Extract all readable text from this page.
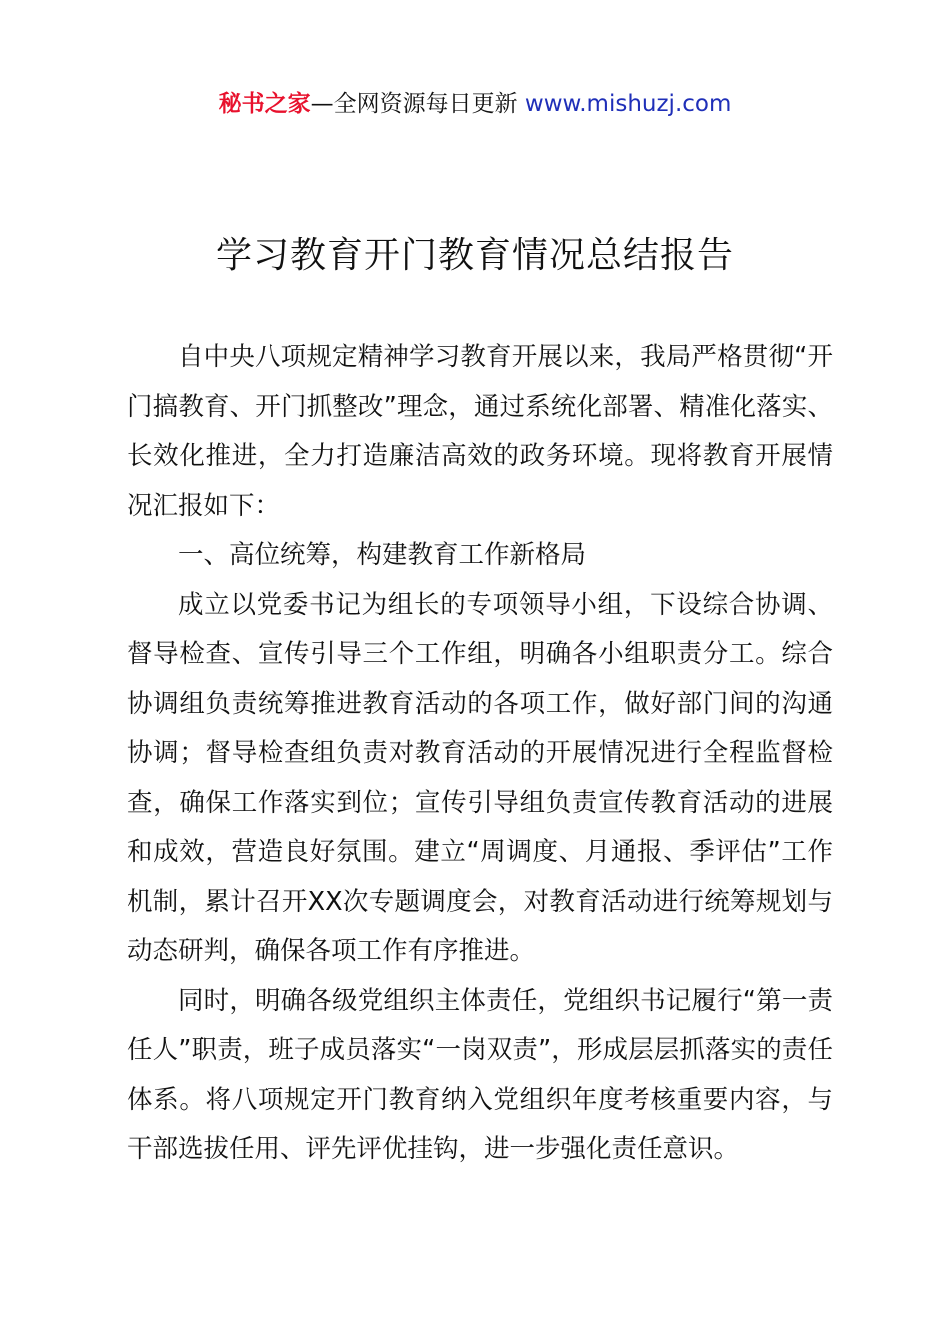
秘书之家—全网资源每日更新 www.mishuzj.com
学习教育开门教育情况总结报告

自中央八项规定精神学习教育开展以来，我局严格贯彻“开门搞教育、开门抓整改”理念，通过系统化部署、精准化落实、长效化推进，全力打造廉洁高效的政务环境。现将教育开展情况汇报如下：

一、高位统筹，构建教育工作新格局

成立以党委书记为组长的专项领导小组，下设综合协调、督导检查、宣传引导三个工作组，明确各小组职责分工。综合协调组负责统筹推进教育活动的各项工作，做好部门间的沟通协调；督导检查组负责对教育活动的开展情况进行全程监督检查，确保工作落实到位；宣传引导组负责宣传教育活动的进展和成效，营造良好氛围。建立“周调度、月通报、季评估”工作机制，累计召开XX次专题调度会，对教育活动进行统筹规划与动态研判，确保各项工作有序推进。

同时，明确各级党组织主体责任，党组织书记履行“第一责任人”职责，班子成员落实“一岗双责”，形成层层抓落实的责任体系。将八项规定开门教育纳入党组织年度考核重要内容，与干部选拔任用、评先评优挂钩，进一步强化责任意识。
